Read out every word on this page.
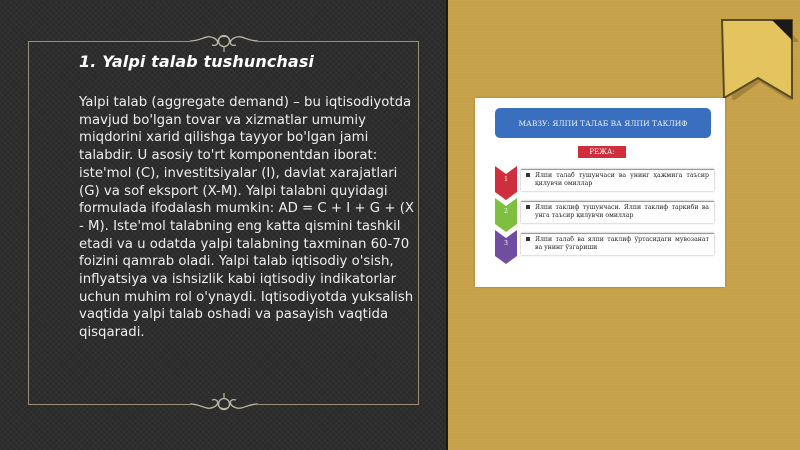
1. Yalpi talab tushunchasi

Yalpi talab (aggregate demand) – bu iqtisodiyotda mavjud bo'lgan tovar va xizmatlar umumiy miqdorini xarid qilishga tayyor bo'lgan jami talabdir. U asosiy to'rt komponentdan iborat: iste'mol (C), investitsiyalar (I), davlat xarajatlari (G) va sof eksport (X-M). Yalpi talabni quyidagi formulada ifodalash mumkin: AD = C + I + G + (X - M). Iste'mol talabning eng katta qismini tashkil etadi va u odatda yalpi talabning taxminan 60-70 foizini qamrab oladi. Yalpi talab iqtisodiy o'sish, inflyatsiya va ishsizlik kabi iqtisodiy indikatorlar uchun muhim rol o'ynaydi. Iqtisodiyotda yuksalish vaqtida yalpi talab oshadi va pasayish vaqtida qisqaradi.

МАВЗУ: ЯЛПИ ТАЛАБ ВА ЯЛПИ ТАКЛИФ
РЕЖА:
1
Ялпи талаб тушунчаси ва унинг ҳажмига таъсир қилувчи омиллар
2
Ялпи таклиф тушунчаси. Ялпи таклиф таркиби ва унга таъсир қилувчи омиллар
3
Ялпи талаб ва ялпи таклиф ўртасидаги мувозанат ва унинг ўзгариши
